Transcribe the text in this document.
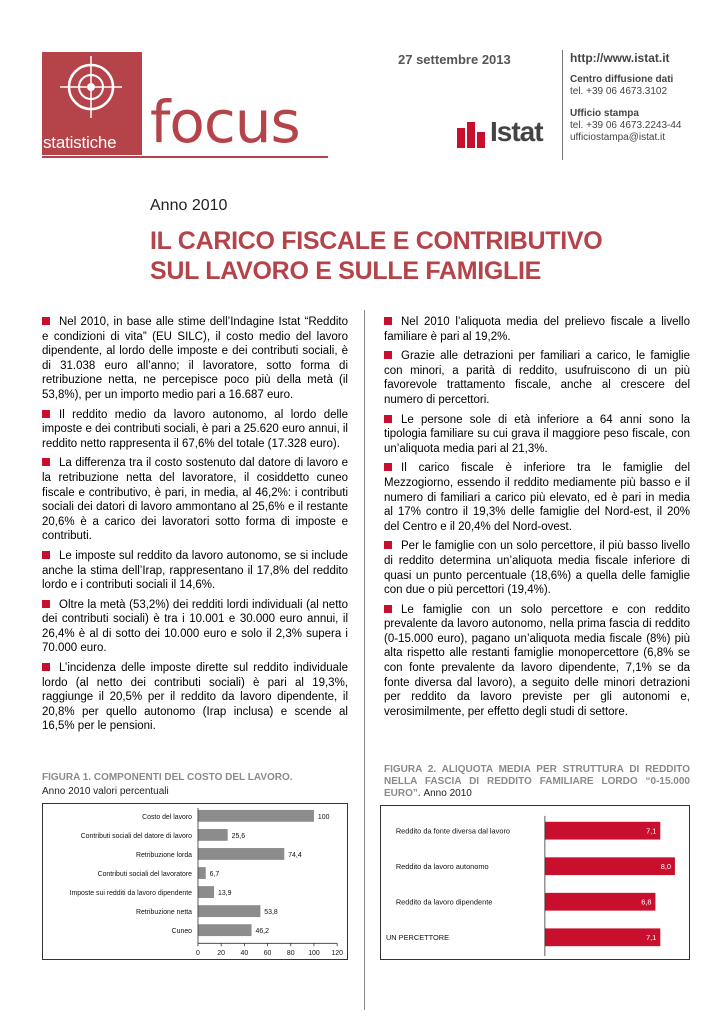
statistiche focus
27 settembre 2013
Istat
http://www.istat.it
Centro diffusione dati
tel. +39 06 4673.3102
Ufficio stampa
tel. +39 06 4673.2243-44
ufficiostampa@istat.it
Anno 2010
IL CARICO FISCALE E CONTRIBUTIVO
SUL LAVORO E SULLE FAMIGLIE

Nel 2010, in base alle stime dell’Indagine Istat “Reddito e condizioni di vita” (EU SILC), il costo medio del lavoro dipendente, al lordo delle imposte e dei contributi sociali, è di 31.038 euro all’anno; il lavoratore, sotto forma di retribuzione netta, ne percepisce poco più della metà (il 53,8%), per un importo medio pari a 16.687 euro.

Il reddito medio da lavoro autonomo, al lordo delle imposte e dei contributi sociali, è pari a 25.620 euro annui, il reddito netto rappresenta il 67,6% del totale (17.328 euro).

La differenza tra il costo sostenuto dal datore di lavoro e la retribuzione netta del lavoratore, il cosiddetto cuneo fiscale e contributivo, è pari, in media, al 46,2%: i contributi sociali dei datori di lavoro ammontano al 25,6% e il restante 20,6% è a carico dei lavoratori sotto forma di imposte e contributi.

Le imposte sul reddito da lavoro autonomo, se si include anche la stima dell’Irap, rappresentano il 17,8% del reddito lordo e i contributi sociali il 14,6%.

Oltre la metà (53,2%) dei redditi lordi individuali (al netto dei contributi sociali) è tra i 10.001 e 30.000 euro annui, il 26,4% è al di sotto dei 10.000 euro e solo il 2,3% supera i 70.000 euro.

L’incidenza delle imposte dirette sul reddito individuale lordo (al netto dei contributi sociali) è pari al 19,3%, raggiunge il 20,5% per il reddito da lavoro dipendente, il 20,8% per quello autonomo (Irap inclusa) e scende al 16,5% per le pensioni.

Nel 2010 l’aliquota media del prelievo fiscale a livello familiare è pari al 19,2%.

Grazie alle detrazioni per familiari a carico, le famiglie con minori, a parità di reddito, usufruiscono di un più favorevole trattamento fiscale, anche al crescere del numero di percettori.

Le persone sole di età inferiore a 64 anni sono la tipologia familiare su cui grava il maggiore peso fiscale, con un’aliquota media pari al 21,3%.

Il carico fiscale è inferiore tra le famiglie del Mezzogiorno, essendo il reddito mediamente più basso e il numero di familiari a carico più elevato, ed è pari in media al 17% contro il 19,3% delle famiglie del Nord-est, il 20% del Centro e il 20,4% del Nord-ovest.

Per le famiglie con un solo percettore, il più basso livello di reddito determina un’aliquota media fiscale inferiore di quasi un punto percentuale (18,6%) a quella delle famiglie con due o più percettori (19,4%).

Le famiglie con un solo percettore e con reddito prevalente da lavoro autonomo, nella prima fascia di reddito (0-15.000 euro), pagano un’aliquota media fiscale (8%) più alta rispetto alle restanti famiglie monopercettore (6,8% se con fonte prevalente da lavoro dipendente, 7,1% se da fonte diversa dal lavoro), a seguito delle minori detrazioni per reddito da lavoro previste per gli autonomi e, verosimilmente, per effetto degli studi di settore.

FIGURA 1. COMPONENTI DEL COSTO DEL LAVORO.
Anno 2010 valori percentuali
Costo del lavoro	100
Contributi sociali del datore di lavoro	25,6
Retribuzione lorda	74,4
Contributi sociali del lavoratore	6,7
Imposte sui redditi da lavoro dipendente	13,9
Retribuzione netta	53,8
Cuneo	46,2
0 20 40 60 80 100 120
FIGURA 2. ALIQUOTA MEDIA PER STRUTTURA DI REDDITO NELLA FASCIA DI REDDITO FAMILIARE LORDO “0-15.000 EURO”. Anno 2010
Reddito da fonte diversa dal lavoro	7,1
Reddito da lavoro autonomo	8,0
Reddito da lavoro dipendente	6,8
UN PERCETTORE	7,1
